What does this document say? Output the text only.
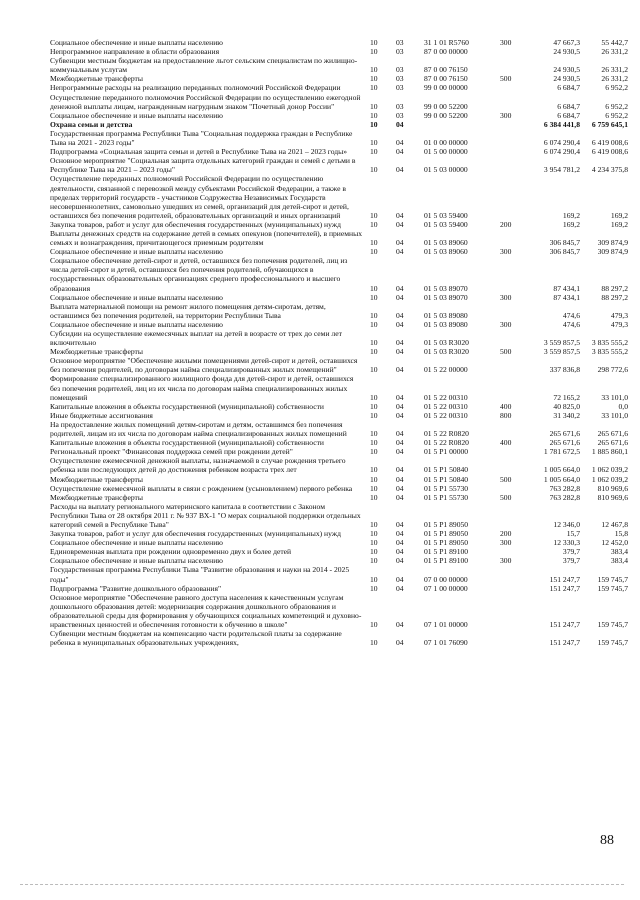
Социальное обеспечение и иные выплаты населению	10	03	31 1 01 R5760	300	47 667,3	55 442,7
Непрограммное направление в области образования	10	03	87 0 00 00000		24 930,5	26 331,2
Субвенции местным бюджетам на предоставление льгот сельским специалистам по жилищно-коммунальным услугам	10	03	87 0 00 76150		24 930,5	26 331,2
Межбюджетные трансферты	10	03	87 0 00 76150	500	24 930,5	26 331,2
Непрограммные расходы на реализацию переданных полномочий Российской Федерации	10	03	99 0 00 00000		6 684,7	6 952,2
Осуществление переданного полномочия Российской Федерации по осуществлению ежегодной денежной выплаты лицам, награжденным нагрудным знаком "Почетный донор России"	10	03	99 0 00 52200		6 684,7	6 952,2
Социальное обеспечение и иные выплаты населению	10	03	99 0 00 52200	300	6 684,7	6 952,2
Охрана семьи и детства	10	04			6 384 441,8	6 759 645,1
Государственная программа Республики Тыва "Социальная поддержка граждан в Республике Тыва на 2021 - 2023 годы"	10	04	01 0 00 00000		6 074 290,4	6 419 008,6
Подпрограмма «Социальная защита семьи и детей в Республике Тыва на 2021 – 2023 годы»	10	04	01 5 00 00000		6 074 290,4	6 419 008,6
Основное мероприятие "Социальная защита отдельных категорий граждан и семей с детьми в Республике Тыва на 2021 – 2023 годы"	10	04	01 5 03 00000		3 954 781,2	4 234 375,8
Осуществление переданных полномочий Российской Федерации по осуществлению деятельности, связанной с перевозкой между субъектами Российской Федерации, а также в пределах территорий государств - участников Содружества Независимых Государств несовершеннолетних, самовольно ушедших из семей, организаций для детей-сирот и детей, оставшихся без попечения родителей, образовательных организаций и иных организаций	10	04	01 5 03 59400		169,2	169,2
Закупка товаров, работ и услуг для обеспечения государственных (муниципальных) нужд	10	04	01 5 03 59400	200	169,2	169,2
Выплаты денежных средств на содержание детей в семьях опекунов (попечителей), в приемных семьях и вознаграждения, причитающегося приемным родителям	10	04	01 5 03 89060		306 845,7	309 874,9
Социальное обеспечение и иные выплаты населению	10	04	01 5 03 89060	300	306 845,7	309 874,9
Социальное обеспечение детей-сирот и детей, оставшихся без попечения родителей, лиц из числа детей-сирот и детей, оставшихся без попечения родителей, обучающихся в государственных образовательных организациях среднего профессионального и высшего образования	10	04	01 5 03 89070		87 434,1	88 297,2
Социальное обеспечение и иные выплаты населению	10	04	01 5 03 89070	300	87 434,1	88 297,2
Выплата материальной помощи на ремонт жилого помещения детям-сиротам, детям, оставшимся без попечения родителей, на территории Республики Тыва	10	04	01 5 03 89080		474,6	479,3
Социальное обеспечение и иные выплаты населению	10	04	01 5 03 89080	300	474,6	479,3
Субсидии на осуществление ежемесячных выплат на детей в возрасте от трех до семи лет включительно	10	04	01 5 03 R3020		3 559 857,5	3 835 555,2
Межбюджетные трансферты	10	04	01 5 03 R3020	500	3 559 857,5	3 835 555,2
Основное мероприятие "Обеспечение жилыми помещениями детей-сирот и детей, оставшихся без попечения родителей, по договорам найма специализированных жилых помещений"	10	04	01 5 22 00000		337 836,8	298 772,6
Формирование специализированного жилищного фонда для детей-сирот и детей, оставшихся без попечения родителей, лиц из их числа по договорам найма специализированных жилых помещений	10	04	01 5 22 00310		72 165,2	33 101,0
Капитальные вложения в объекты государственной (муниципальной) собственности	10	04	01 5 22 00310	400	40 825,0	0,0
Иные бюджетные ассигнования	10	04	01 5 22 00310	800	31 340,2	33 101,0
На предоставление жилых помещений детям-сиротам и детям, оставшимся без попечения родителей, лицам из их числа по договорам найма специализированных жилых помещений	10	04	01 5 22 R0820		265 671,6	265 671,6
Капитальные вложения в объекты государственной (муниципальной) собственности	10	04	01 5 22 R0820	400	265 671,6	265 671,6
Региональный проект "Финансовая поддержка семей при рождении детей"	10	04	01 5 P1 00000		1 781 672,5	1 885 860,1
Осуществление ежемесячной денежной выплаты, назначаемой в случае рождения третьего ребенка или последующих детей до достижения ребенком возраста трех лет	10	04	01 5 P1 50840		1 005 664,0	1 062 039,2
Межбюджетные трансферты	10	04	01 5 P1 50840	500	1 005 664,0	1 062 039,2
Осуществление ежемесячной выплаты в связи с рождением (усыновлением) первого ребенка	10	04	01 5 P1 55730		763 282,8	810 969,6
Межбюджетные трансферты	10	04	01 5 P1 55730	500	763 282,8	810 969,6
Расходы на выплату регионального материнского капитала в соответствии с Законом Республики Тыва от 28 октября 2011 г. № 937 ВХ-1 "О мерах социальной поддержки отдельных категорий семей в Республике Тыва"	10	04	01 5 P1 89050		12 346,0	12 467,8
Закупка товаров, работ и услуг для обеспечения государственных (муниципальных) нужд	10	04	01 5 P1 89050	200	15,7	15,8
Социальное обеспечение и иные выплаты населению	10	04	01 5 P1 89050	300	12 330,3	12 452,0
Единовременная выплата при рождении одновременно двух и более детей	10	04	01 5 P1 89100		379,7	383,4
Социальное обеспечение и иные выплаты населению	10	04	01 5 P1 89100	300	379,7	383,4
Государственная программа Республики Тыва "Развитие образования и науки на 2014 - 2025 годы"	10	04	07 0 00 00000		151 247,7	159 745,7
Подпрограмма "Развитие дошкольного образования"	10	04	07 1 00 00000		151 247,7	159 745,7
Основное мероприятие "Обеспечение равного доступа населения к качественным услугам дошкольного образования детей: модернизация содержания дошкольного образования и образовательной среды для формирования у обучающихся социальных компетенций и духовно-нравственных ценностей и обеспечения готовности к обучению в школе"	10	04	07 1 01 00000		151 247,7	159 745,7
Субвенции местным бюджетам на компенсацию части родительской платы за содержание ребенка в муниципальных образовательных учреждениях,	10	04	07 1 01 76090		151 247,7	159 745,7
88
